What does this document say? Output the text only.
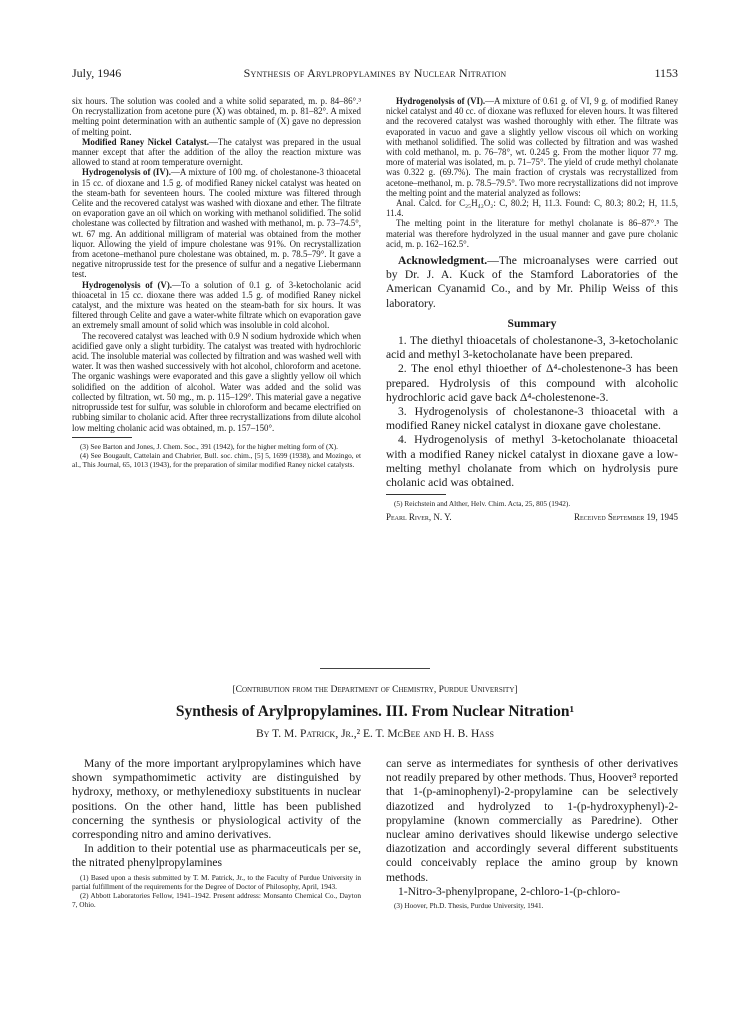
July, 1946	Synthesis of Arylpropylamines by Nuclear Nitration	1153

six hours. The solution was cooled and a white solid separated, m. p. 84–86°.³ On recrystallization from acetone pure (X) was obtained, m. p. 81–82°. A mixed melting point determination with an authentic sample of (X) gave no depression of melting point.

Modified Raney Nickel Catalyst.—The catalyst was prepared in the usual manner except that after the addition of the alloy the reaction mixture was allowed to stand at room temperature overnight.

Hydrogenolysis of (IV).—A mixture of 100 mg. of cholestanone-3 thioacetal in 15 cc. of dioxane and 1.5 g. of modified Raney nickel catalyst was heated on the steam-bath for seventeen hours. The cooled mixture was filtered through Celite and the recovered catalyst was washed with dioxane and ether. The filtrate on evaporation gave an oil which on working with methanol solidified. The solid cholestane was collected by filtration and washed with methanol, m. p. 73–74.5°, wt. 67 mg. An additional milligram of material was obtained from the mother liquor. Allowing the yield of impure cholestane was 91%. On recrystallization from acetone–methanol pure cholestane was obtained, m. p. 78.5–79°. It gave a negative nitroprusside test for the presence of sulfur and a negative Liebermann test.

Hydrogenolysis of (V).—To a solution of 0.1 g. of 3-ketocholanic acid thioacetal in 15 cc. dioxane there was added 1.5 g. of modified Raney nickel catalyst, and the mixture was heated on the steam-bath for six hours. It was filtered through Celite and gave a water-white filtrate which on evaporation gave an extremely small amount of solid which was insoluble in cold alcohol.

The recovered catalyst was leached with 0.9 N sodium hydroxide which when acidified gave only a slight turbidity. The catalyst was treated with hydrochloric acid. The insoluble material was collected by filtration and was washed well with water. It was then washed successively with hot alcohol, chloroform and acetone. The organic washings were evaporated and this gave a slightly yellow oil which solidified on the addition of alcohol. Water was added and the solid was collected by filtration, wt. 50 mg., m. p. 115–129°. This material gave a negative nitroprusside test for sulfur, was soluble in chloroform and became electrified on rubbing similar to cholanic acid. After three recrystallizations from dilute alcohol low melting cholanic acid was obtained, m. p. 157–150°.

(3) See Barton and Jones, J. Chem. Soc., 391 (1942), for the higher melting form of (X).

(4) See Bougault, Cattelain and Chabrier, Bull. soc. chim., [5] 5, 1699 (1938), and Mozingo, et al., This Journal, 65, 1013 (1943), for the preparation of similar modified Raney nickel catalysts.

Hydrogenolysis of (VI).—A mixture of 0.61 g. of VI, 9 g. of modified Raney nickel catalyst and 40 cc. of dioxane was refluxed for eleven hours. It was filtered and the recovered catalyst was washed thoroughly with ether. The filtrate was evaporated in vacuo and gave a slightly yellow viscous oil which on working with methanol solidified. The solid was collected by filtration and was washed with cold methanol, m. p. 76–78°, wt. 0.245 g. From the mother liquor 77 mg. more of material was isolated, m. p. 71–75°. The yield of crude methyl cholanate was 0.322 g. (69.7%). The main fraction of crystals was recrystallized from acetone–methanol, m. p. 78.5–79.5°. Two more recrystallizations did not improve the melting point and the material analyzed as follows:

Anal. Calcd. for C₂₅H₄₂O₂: C, 80.2; H, 11.3. Found: C, 80.3; 80.2; H, 11.5, 11.4.

The melting point in the literature for methyl cholanate is 86–87°.⁵ The material was therefore hydrolyzed in the usual manner and gave pure cholanic acid, m. p. 162–162.5°.

Acknowledgment.—The microanalyses were carried out by Dr. J. A. Kuck of the Stamford Laboratories of the American Cyanamid Co., and by Mr. Philip Weiss of this laboratory.

Summary

1. The diethyl thioacetals of cholestanone-3, 3-ketocholanic acid and methyl 3-ketocholanate have been prepared.

2. The enol ethyl thioether of Δ⁴-cholestenone-3 has been prepared. Hydrolysis of this compound with alcoholic hydrochloric acid gave back Δ⁴-cholestenone-3.

3. Hydrogenolysis of cholestanone-3 thioacetal with a modified Raney nickel catalyst in dioxane gave cholestane.

4. Hydrogenolysis of methyl 3-ketocholanate thioacetal with a modified Raney nickel catalyst in dioxane gave a low-melting methyl cholanate from which on hydrolysis pure cholanic acid was obtained.

(5) Reichstein and Alther, Helv. Chim. Acta, 25, 805 (1942).

Pearl River, N. Y.	Received September 19, 1945
[Contribution from the Department of Chemistry, Purdue University]
Synthesis of Arylpropylamines. III. From Nuclear Nitration¹
By T. M. Patrick, Jr.,² E. T. McBee and H. B. Hass

Many of the more important arylpropylamines which have shown sympathomimetic activity are distinguished by hydroxy, methoxy, or methylenedioxy substituents in nuclear positions. On the other hand, little has been published concerning the synthesis or physiological activity of the corresponding nitro and amino derivatives.

In addition to their potential use as pharmaceuticals per se, the nitrated phenylpropylamines

(1) Based upon a thesis submitted by T. M. Patrick, Jr., to the Faculty of Purdue University in partial fulfillment of the requirements for the Degree of Doctor of Philosophy, April, 1943.

(2) Abbott Laboratories Fellow, 1941–1942. Present address: Monsanto Chemical Co., Dayton 7, Ohio.

can serve as intermediates for synthesis of other derivatives not readily prepared by other methods. Thus, Hoover³ reported that 1-(p-aminophenyl)-2-propylamine can be selectively diazotized and hydrolyzed to 1-(p-hydroxyphenyl)-2-propylamine (known commercially as Paredrine). Other nuclear amino derivatives should likewise undergo selective diazotization and accordingly several different substituents could conceivably replace the amino group by known methods.

1-Nitro-3-phenylpropane, 2-chloro-1-(p-chloro-

(3) Hoover, Ph.D. Thesis, Purdue University, 1941.
